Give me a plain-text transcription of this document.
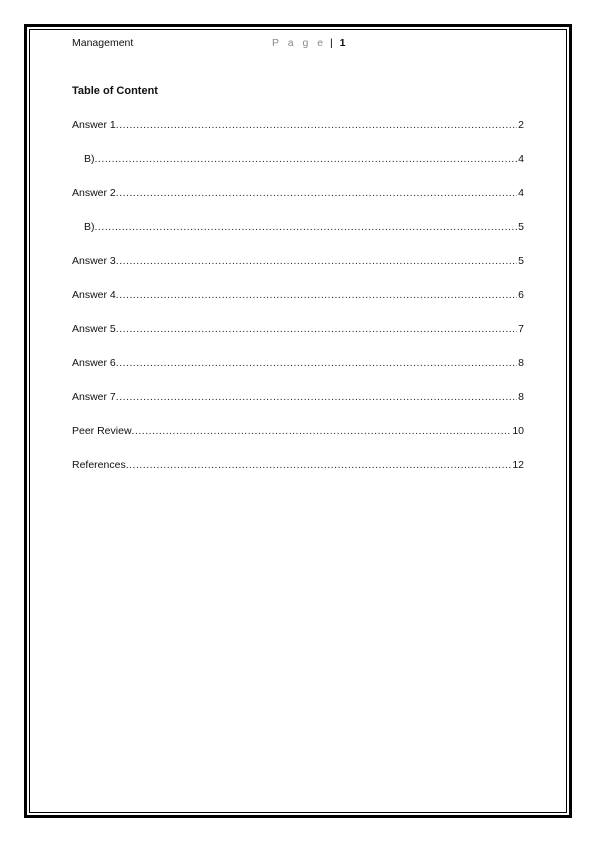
Management	P a g e | 1
Table of Content
Answer 1 .....	2
B) .....	4
Answer 2 .....	4
B) .....	5
Answer 3 .....	5
Answer 4 .....	6
Answer 5 .....	7
Answer 6 .....	8
Answer 7 .....	8
Peer Review .....	10
References .....	12
